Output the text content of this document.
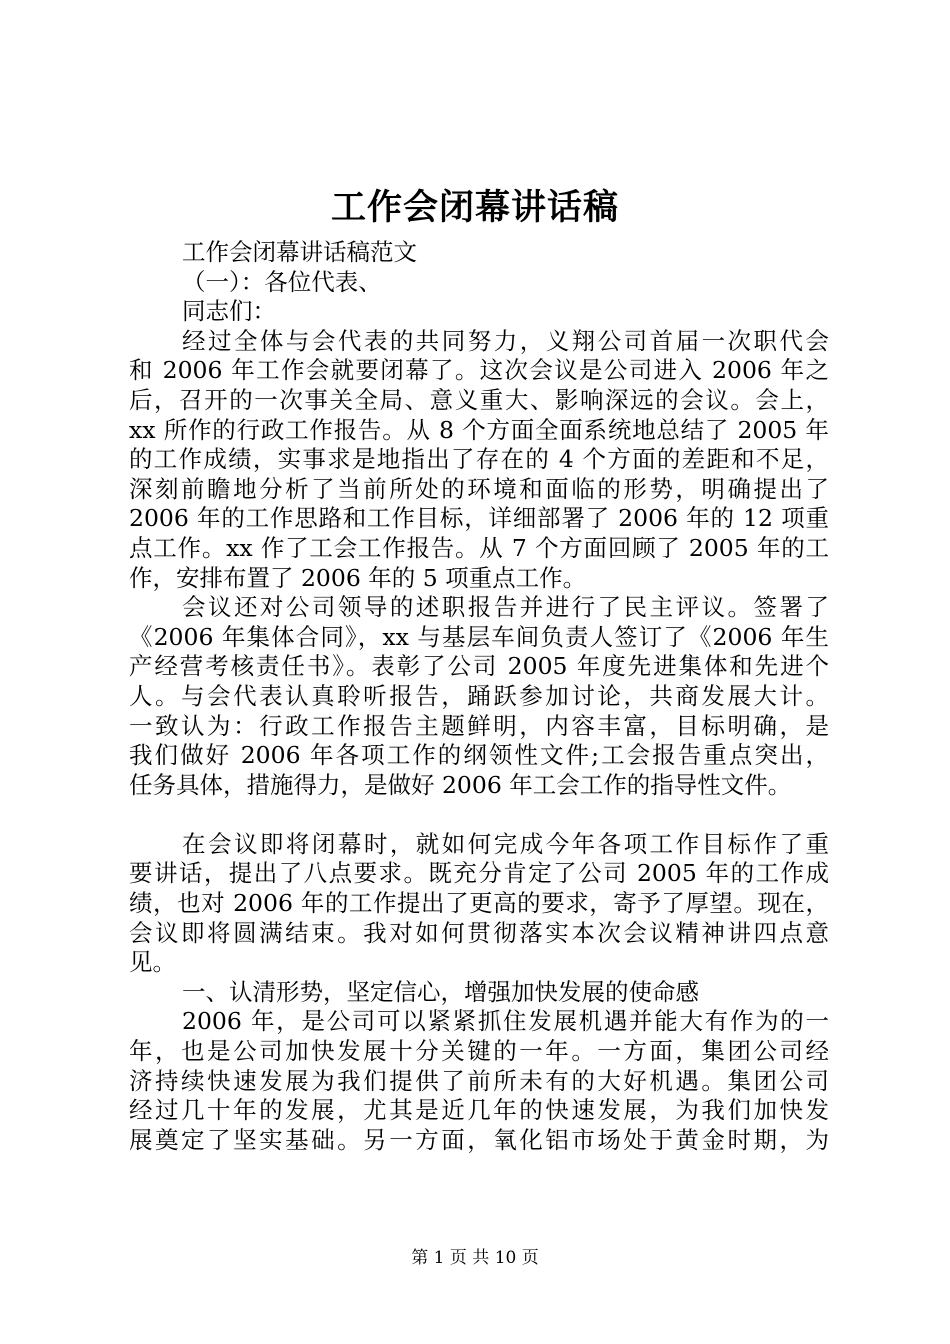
工作会闭幕讲话稿
工作会闭幕讲话稿范文
（一）：各位代表、
同志们：
经过全体与会代表的共同努力，义翔公司首届一次职代会
和 2006 年工作会就要闭幕了。这次会议是公司进入 2006 年之
后，召开的一次事关全局、意义重大、影响深远的会议。会上，
xx 所作的行政工作报告。从 8 个方面全面系统地总结了 2005 年
的工作成绩，实事求是地指出了存在的 4 个方面的差距和不足，
深刻前瞻地分析了当前所处的环境和面临的形势，明确提出了
2006 年的工作思路和工作目标，详细部署了 2006 年的 12 项重
点工作。xx 作了工会工作报告。从 7 个方面回顾了 2005 年的工
作，安排布置了 2006 年的 5 项重点工作。
会议还对公司领导的述职报告并进行了民主评议。签署了
《2006 年集体合同》，xx 与基层车间负责人签订了《2006 年生
产经营考核责任书》。表彰了公司 2005 年度先进集体和先进个
人。与会代表认真聆听报告，踊跃参加讨论，共商发展大计。
一致认为：行政工作报告主题鲜明，内容丰富，目标明确，是
我们做好 2006 年各项工作的纲领性文件;工会报告重点突出，
任务具体，措施得力，是做好 2006 年工会工作的指导性文件。
在会议即将闭幕时，就如何完成今年各项工作目标作了重
要讲话，提出了八点要求。既充分肯定了公司 2005 年的工作成
绩，也对 2006 年的工作提出了更高的要求，寄予了厚望。现在，
会议即将圆满结束。我对如何贯彻落实本次会议精神讲四点意
见。
一、认清形势，坚定信心，增强加快发展的使命感
2006 年，是公司可以紧紧抓住发展机遇并能大有作为的一
年，也是公司加快发展十分关键的一年。一方面，集团公司经
济持续快速发展为我们提供了前所未有的大好机遇。集团公司
经过几十年的发展，尤其是近几年的快速发展，为我们加快发
展奠定了坚实基础。另一方面，氧化铝市场处于黄金时期，为
第 1 页 共 10 页
